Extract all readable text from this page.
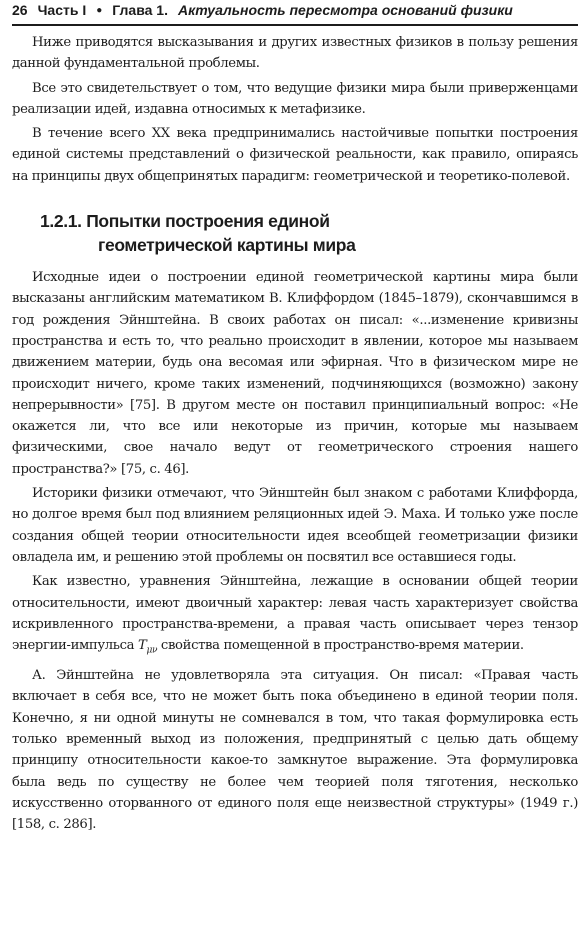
26 Часть I ● Глава 1. Актуальность пересмотра оснований физики

Ниже приводятся высказывания и других известных физиков в пользу решения данной фундаментальной проблемы.

Все это свидетельствует о том, что ведущие физики мира были приверженцами реализации идей, издавна относимых к метафизике.

В течение всего XX века предпринимались настойчивые попытки построения единой системы представлений о физической реальности, как правило, опираясь на принципы двух общепринятых парадигм: геометрической и теоретико-полевой.

1.2.1. Попытки построения единой
геометрической картины мира

Исходные идеи о построении единой геометрической картины мира были высказаны английским математиком В. Клиффордом (1845–1879), скончавшимся в год рождения Эйнштейна. В своих работах он писал: «...изменение кривизны пространства и есть то, что реально происходит в явлении, которое мы называем движением материи, будь она весомая или эфирная. Что в физическом мире не происходит ничего, кроме таких изменений, подчиняющихся (возможно) закону непрерывности» [75]. В другом месте он поставил принципиальный вопрос: «Не окажется ли, что все или некоторые из причин, которые мы называем физическими, свое начало ведут от геометрического строения нашего пространства?» [75, с. 46].

Историки физики отмечают, что Эйнштейн был знаком с работами Клиффорда, но долгое время был под влиянием реляционных идей Э. Маха. И только уже после создания общей теории относительности идея всеобщей геометризации физики овладела им, и решению этой проблемы он посвятил все оставшиеся годы.

Как известно, уравнения Эйнштейна, лежащие в основании общей теории относительности, имеют двоичный характер: левая часть характеризует свойства искривленного пространства-времени, а правая часть описывает через тензор энергии-импульса $T_{\mu\nu}$ свойства помещенной в пространство-время материи.

А. Эйнштейна не удовлетворяла эта ситуация. Он писал: «Правая часть включает в себя все, что не может быть пока объединено в единой теории поля. Конечно, я ни одной минуты не сомневался в том, что такая формулировка есть только временный выход из положения, предпринятый с целью дать общему принципу относительности какое-то замкнутое выражение. Эта формулировка была ведь по существу не более чем теорией поля тяготения, несколько искусственно оторванного от единого поля еще неизвестной структуры» (1949 г.) [158, с. 286].
